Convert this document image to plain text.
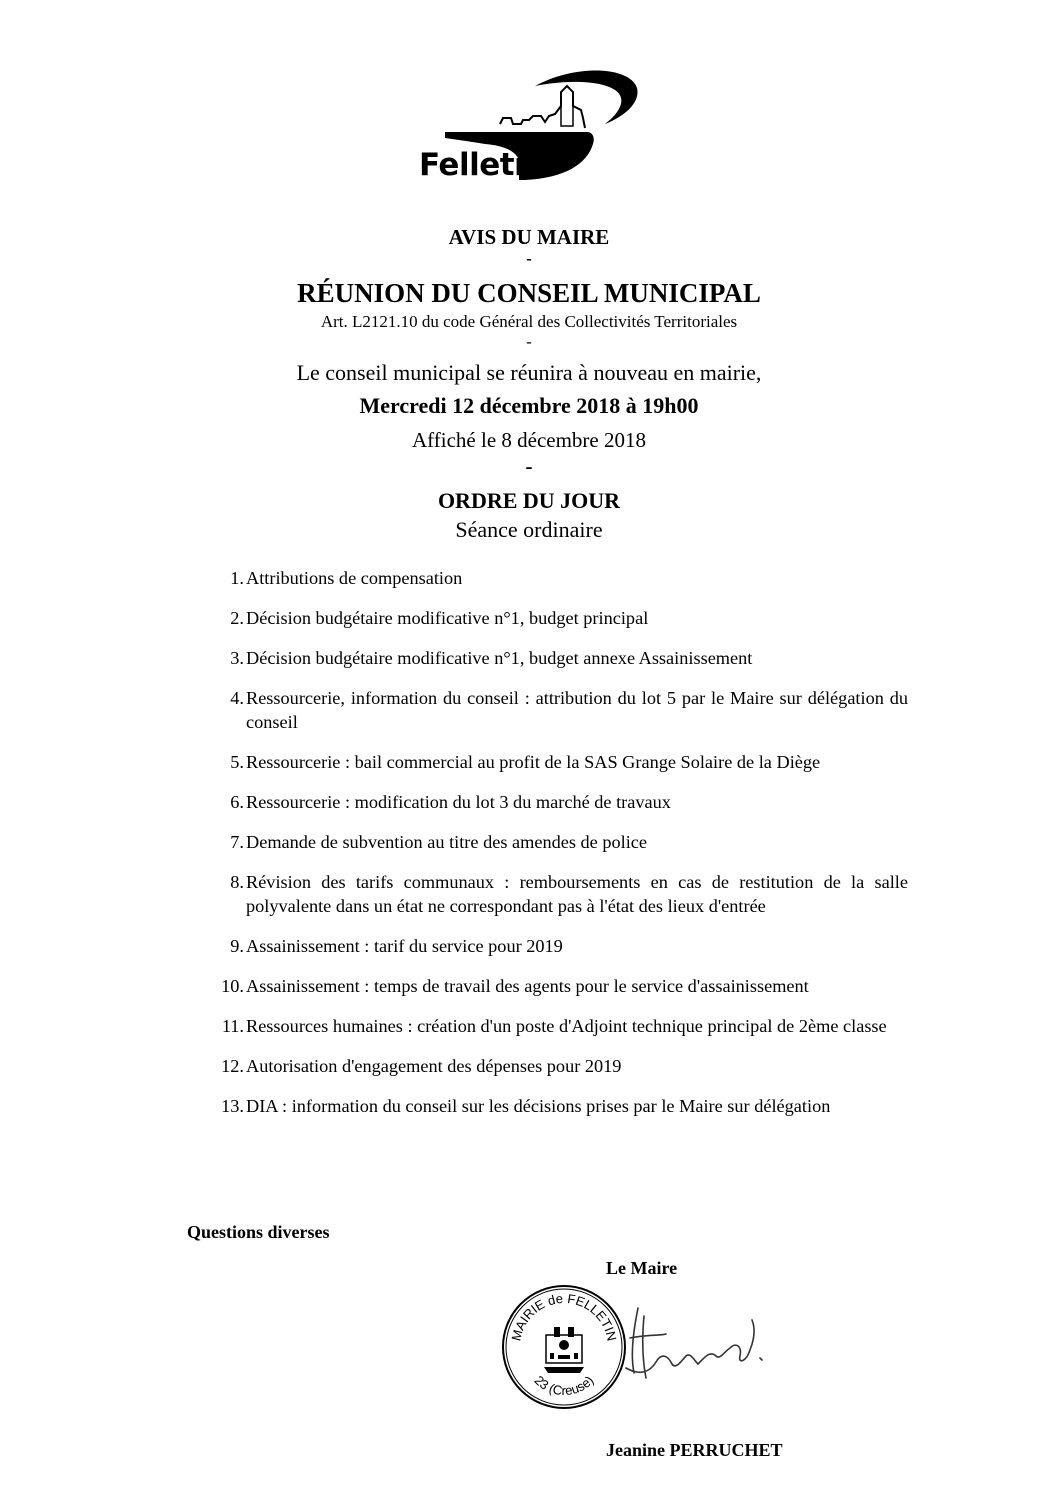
Felletin
AVIS DU MAIRE
-
RÉUNION DU CONSEIL MUNICIPAL
Art. L2121.10 du code Général des Collectivités Territoriales
-
Le conseil municipal se réunira à nouveau en mairie,
Mercredi 12 décembre 2018 à 19h00
Affiché le 8 décembre 2018
-
ORDRE DU JOUR
Séance ordinaire
1. Attributions de compensation
2. Décision budgétaire modificative n°1, budget principal
3. Décision budgétaire modificative n°1, budget annexe Assainissement
4. Ressourcerie, information du conseil : attribution du lot 5 par le Maire sur délégation du conseil
5. Ressourcerie : bail commercial au profit de la SAS Grange Solaire de la Diège
6. Ressourcerie : modification du lot 3 du marché de travaux
7. Demande de subvention au titre des amendes de police
8. Révision des tarifs communaux : remboursements en cas de restitution de la salle polyvalente dans un état ne correspondant pas à l'état des lieux d'entrée
9. Assainissement : tarif du service pour 2019
10. Assainissement : temps de travail des agents pour le service d'assainissement
11. Ressources humaines : création d'un poste d'Adjoint technique principal de 2ème classe
12. Autorisation d'engagement des dépenses pour 2019
13. DIA : information du conseil sur les décisions prises par le Maire sur délégation
Questions diverses
Le Maire
MAIRIE de FELLETIN
23 (Creuse)
Jeanine PERRUCHET
